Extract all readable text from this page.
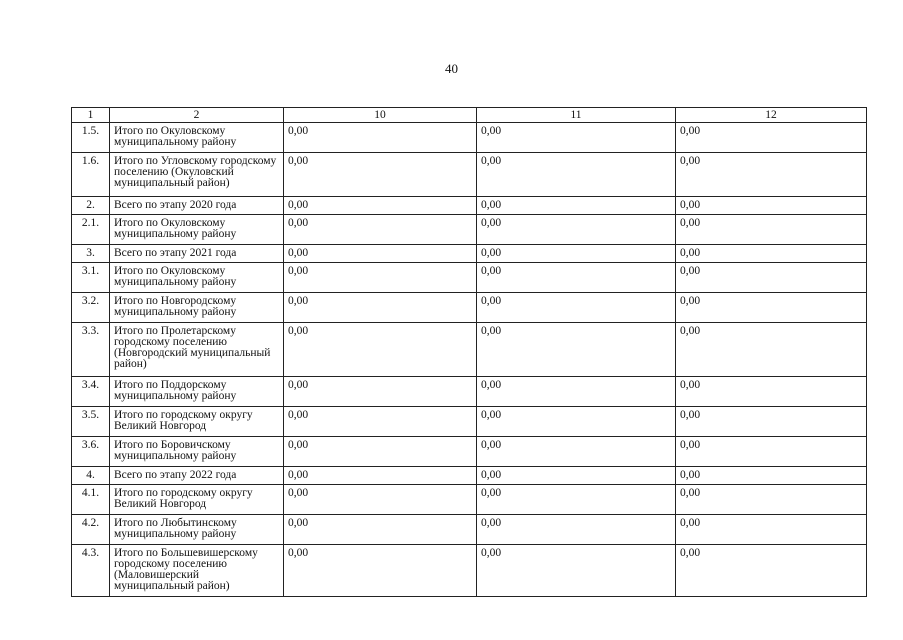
40
1	2	10	11	12
1.5.	Итого по Окуловскому муниципальному району	0,00	0,00	0,00
1.6.	Итого по Угловскому городскому поселению (Окуловский муниципальный район)	0,00	0,00	0,00
2.	Всего по этапу 2020 года	0,00	0,00	0,00
2.1.	Итого по Окуловскому муниципальному району	0,00	0,00	0,00
3.	Всего по этапу 2021 года	0,00	0,00	0,00
3.1.	Итого по Окуловскому муниципальному району	0,00	0,00	0,00
3.2.	Итого по Новгородскому муниципальному району	0,00	0,00	0,00
3.3.	Итого по Пролетарскому городскому поселению (Новгородский муниципальный район)	0,00	0,00	0,00
3.4.	Итого по Поддорскому муниципальному району	0,00	0,00	0,00
3.5.	Итого по городскому округу Великий Новгород	0,00	0,00	0,00
3.6.	Итого по Боровичскому муниципальному району	0,00	0,00	0,00
4.	Всего по этапу 2022 года	0,00	0,00	0,00
4.1.	Итого по городскому округу Великий Новгород	0,00	0,00	0,00
4.2.	Итого по Любытинскому муниципальному району	0,00	0,00	0,00
4.3.	Итого по Большевишерскому городскому поселению (Маловишерский муниципальный район)	0,00	0,00	0,00
